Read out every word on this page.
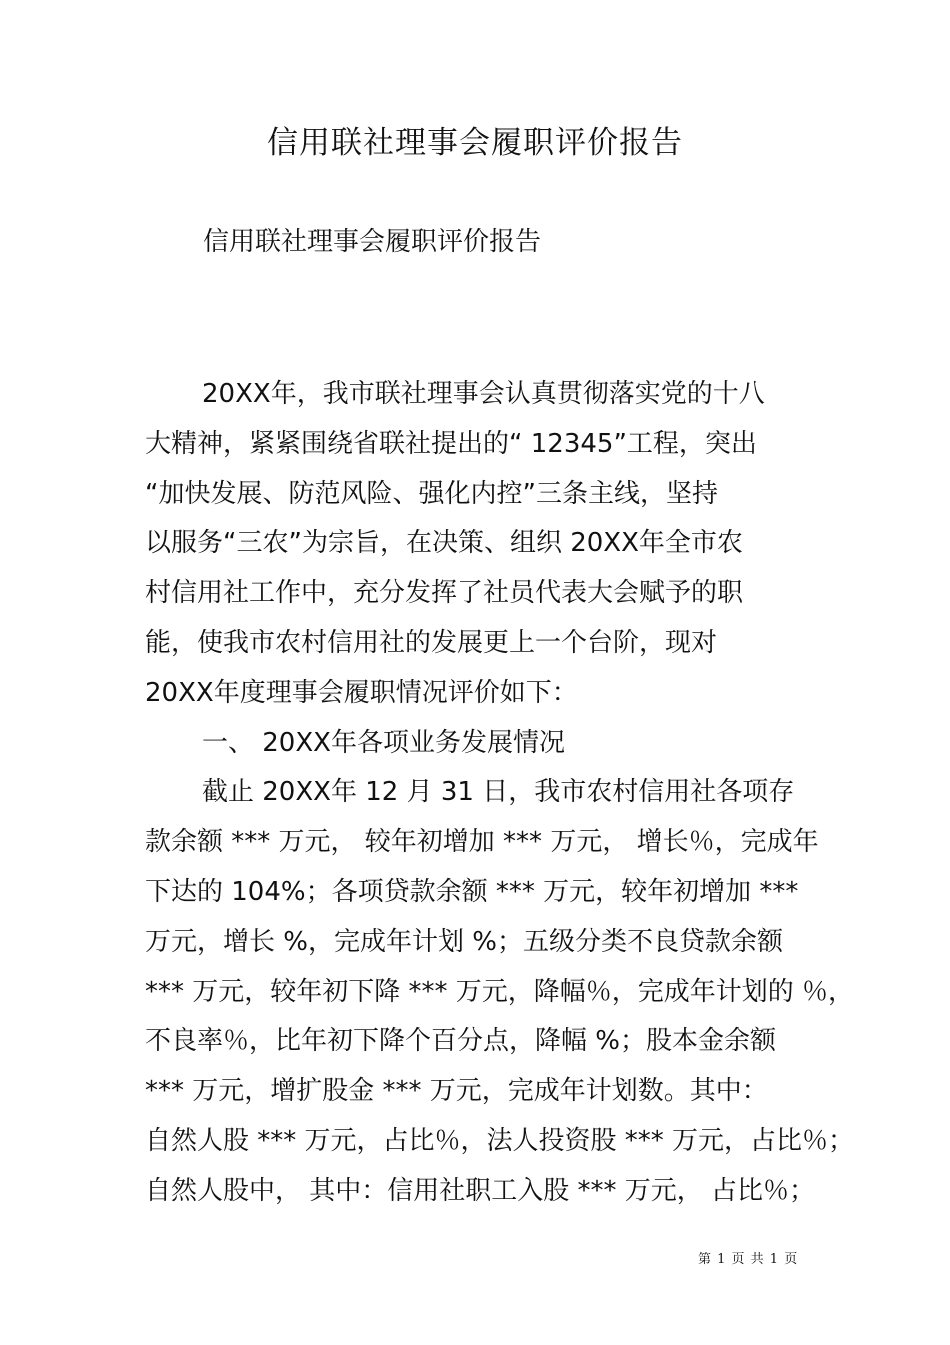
信用联社理事会履职评价报告
信用联社理事会履职评价报告
20XX年，我市联社理事会认真贯彻落实党的十八
大精神，紧紧围绕省联社提出的“ 12345”工程，突出
“加快发展、防范风险、强化内控”三条主线，坚持
以服务“三农”为宗旨，在决策、组织 20XX年全市农
村信用社工作中，充分发挥了社员代表大会赋予的职
能，使我市农村信用社的发展更上一个台阶，现对
20XX年度理事会履职情况评价如下：
一、 20XX年各项业务发展情况
截止 20XX年 12 月 31 日，我市农村信用社各项存
款余额 *** 万元， 较年初增加 *** 万元， 增长％，完成年
下达的 104%；各项贷款余额 *** 万元，较年初增加 ***
万元，增长 %，完成年计划 %；五级分类不良贷款余额
*** 万元，较年初下降 *** 万元，降幅％，完成年计划的 ％，
不良率％，比年初下降个百分点，降幅 %；股本金余额
*** 万元，增扩股金 *** 万元，完成年计划数。其中：
自然人股 *** 万元，占比％，法人投资股 *** 万元，占比％；
自然人股中， 其中：信用社职工入股 *** 万元， 占比％；
第 1 页 共 1 页
